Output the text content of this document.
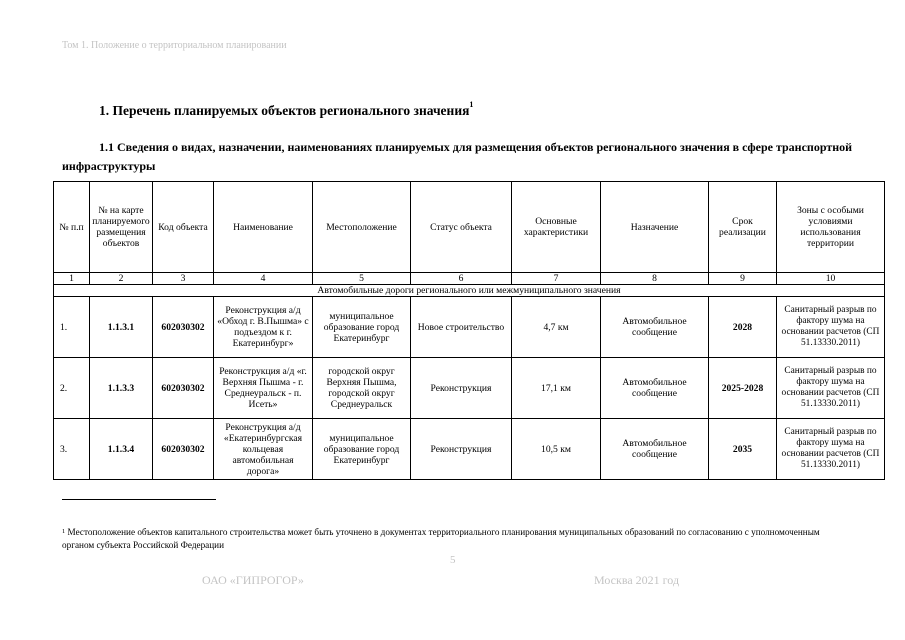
Том 1. Положение о территориальном планировании
1. Перечень планируемых объектов регионального значения$^1$
1.1 Сведения о видах, назначении, наименованиях планируемых для размещения объектов регионального значения в сфере транспортной инфраструктуры
№ п.п	№ на карте планируемого размещения объектов	Код объекта	Наименование	Местоположение	Статус объекта	Основные характеристики	Назначение	Срок реализации	Зоны с особыми условиями использования территории
1	2	3	4	5	6	7	8	9	10
Автомобильные дороги регионального или межмуниципального значения									
1.	1.1.3.1	602030302	Реконструкция а/д «Обход г. В.Пышма» с подъездом к г. Екатеринбург»	муниципальное образование город Екатеринбург	Новое строительство	4,7 км	Автомобильное сообщение	2028	Санитарный разрыв по фактору шума на основании расчетов (СП 51.13330.2011)
2.	1.1.3.3	602030302	Реконструкция а/д «г. Верхняя Пышма - г. Среднеуральск - п. Исеть»	городской округ Верхняя Пышма, городской округ Среднеуральск	Реконструкция	17,1 км	Автомобильное сообщение	2025-2028	Санитарный разрыв по фактору шума на основании расчетов (СП 51.13330.2011)
3.	1.1.3.4	602030302	Реконструкция а/д «Екатеринбургская кольцевая автомобильная дорога»	муниципальное образование город Екатеринбург	Реконструкция	10,5 км	Автомобильное сообщение	2035	Санитарный разрыв по фактору шума на основании расчетов (СП 51.13330.2011)
$^1$ Местоположение объектов капитального строительства может быть уточнено в документах территориального планирования муниципальных образований по согласованию с уполномоченным органом субъекта Российской Федерации
5
ОАО «ГИПРОГОР»	Москва 2021 год
